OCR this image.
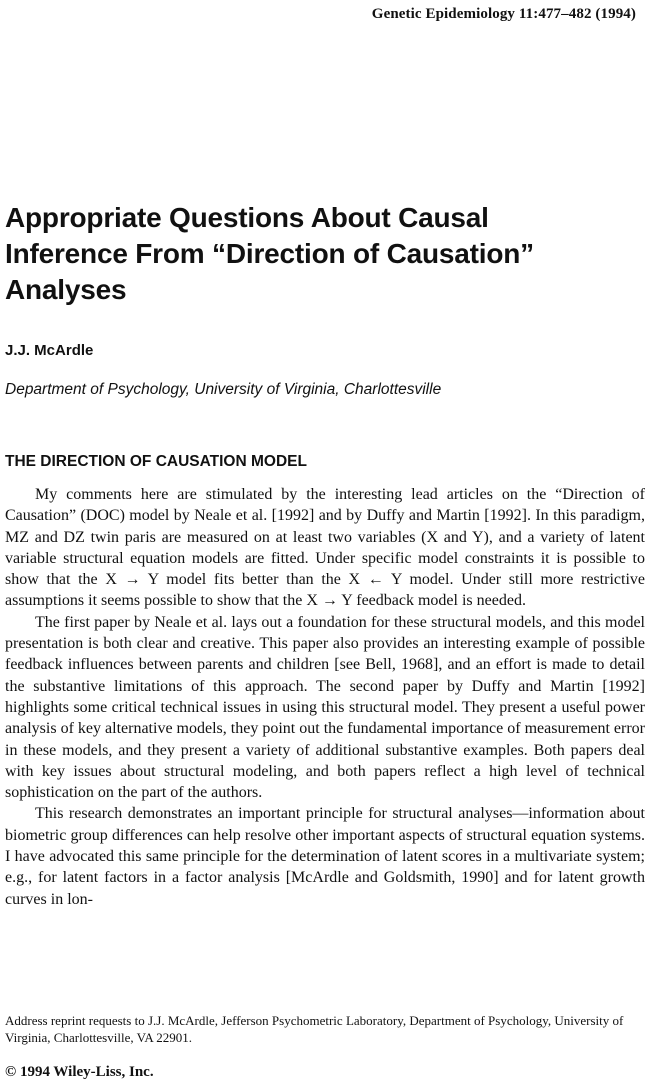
Genetic Epidemiology 11:477–482 (1994)
Appropriate Questions About Causal
Inference From “Direction of Causation”
Analyses
J.J. McArdle
Department of Psychology, University of Virginia, Charlottesville
THE DIRECTION OF CAUSATION MODEL

My comments here are stimulated by the interesting lead articles on the “Direction of Causation” (DOC) model by Neale et al. [1992] and by Duffy and Martin [1992]. In this paradigm, MZ and DZ twin paris are measured on at least two variables (X and Y), and a variety of latent variable structural equation models are fitted. Under specific model constraints it is possible to show that the X → Y model fits better than the X ← Y model. Under still more restrictive assumptions it seems possible to show that the X → Y feedback model is needed.

The first paper by Neale et al. lays out a foundation for these structural models, and this model presentation is both clear and creative. This paper also provides an interesting example of possible feedback influences between parents and children [see Bell, 1968], and an effort is made to detail the substantive limitations of this approach. The second paper by Duffy and Martin [1992] highlights some critical technical issues in using this structural model. They present a useful power analysis of key alternative models, they point out the fundamental importance of measurement error in these models, and they present a variety of additional substantive examples. Both papers deal with key issues about structural modeling, and both papers reflect a high level of technical sophistication on the part of the authors.

This research demonstrates an important principle for structural analyses—information about biometric group differences can help resolve other important aspects of structural equation systems. I have advocated this same principle for the determination of latent scores in a multivariate system; e.g., for latent factors in a factor analysis [McArdle and Goldsmith, 1990] and for latent growth curves in lon-

Address reprint requests to J.J. McArdle, Jefferson Psychometric Laboratory, Department of Psychology, University of Virginia, Charlottesville, VA 22901.
© 1994 Wiley-Liss, Inc.
